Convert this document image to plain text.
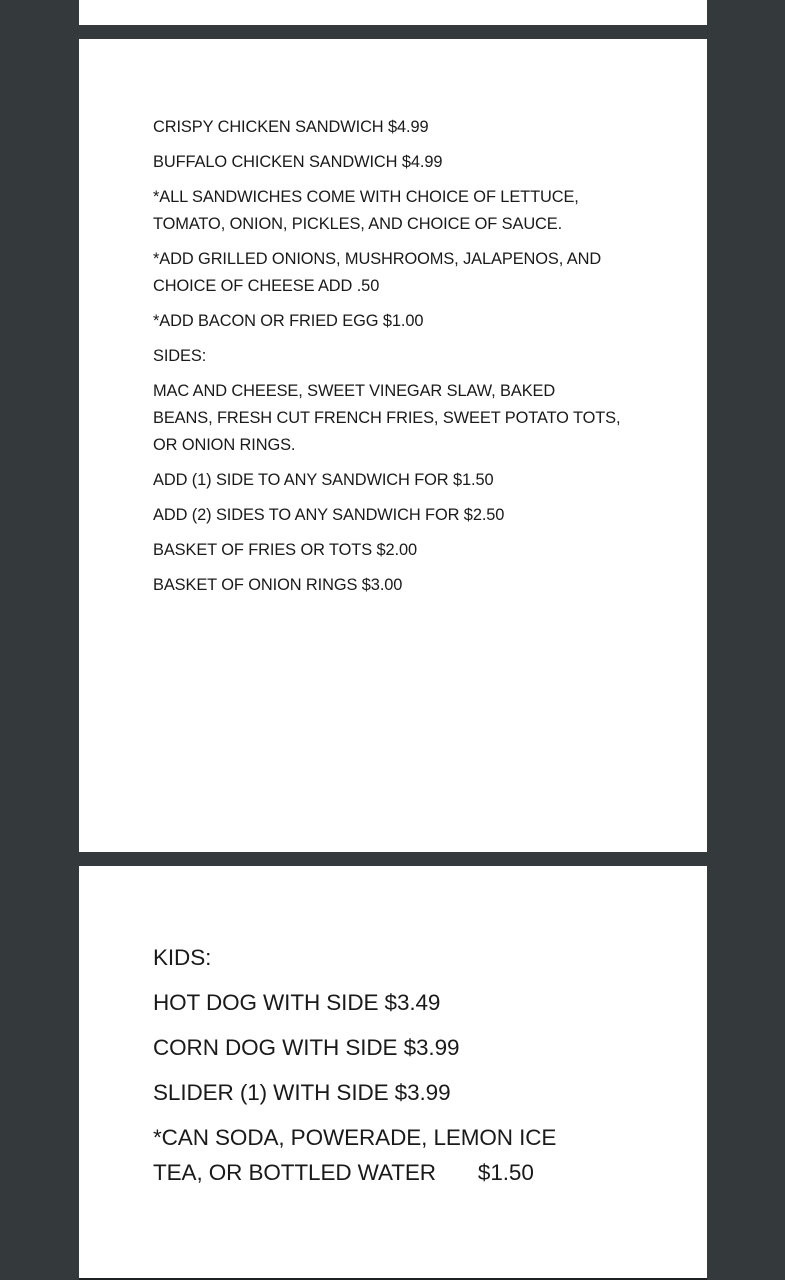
CRISPY CHICKEN SANDWICH $4.99
BUFFALO CHICKEN SANDWICH $4.99
*ALL SANDWICHES COME WITH CHOICE OF LETTUCE,
TOMATO, ONION, PICKLES, AND CHOICE OF SAUCE.
*ADD GRILLED ONIONS, MUSHROOMS, JALAPENOS, AND
CHOICE OF CHEESE ADD .50
*ADD BACON OR FRIED EGG $1.00
SIDES:
MAC AND CHEESE, SWEET VINEGAR SLAW, BAKED
BEANS, FRESH CUT FRENCH FRIES, SWEET POTATO TOTS,
OR ONION RINGS.
ADD (1) SIDE TO ANY SANDWICH FOR $1.50
ADD (2) SIDES TO ANY SANDWICH FOR $2.50
BASKET OF FRIES OR TOTS $2.00
BASKET OF ONION RINGS $3.00
KIDS:
HOT DOG WITH SIDE $3.49
CORN DOG WITH SIDE $3.99
SLIDER (1) WITH SIDE $3.99
*CAN SODA, POWERADE, LEMON ICE
TEA, OR BOTTLED WATER $1.50
